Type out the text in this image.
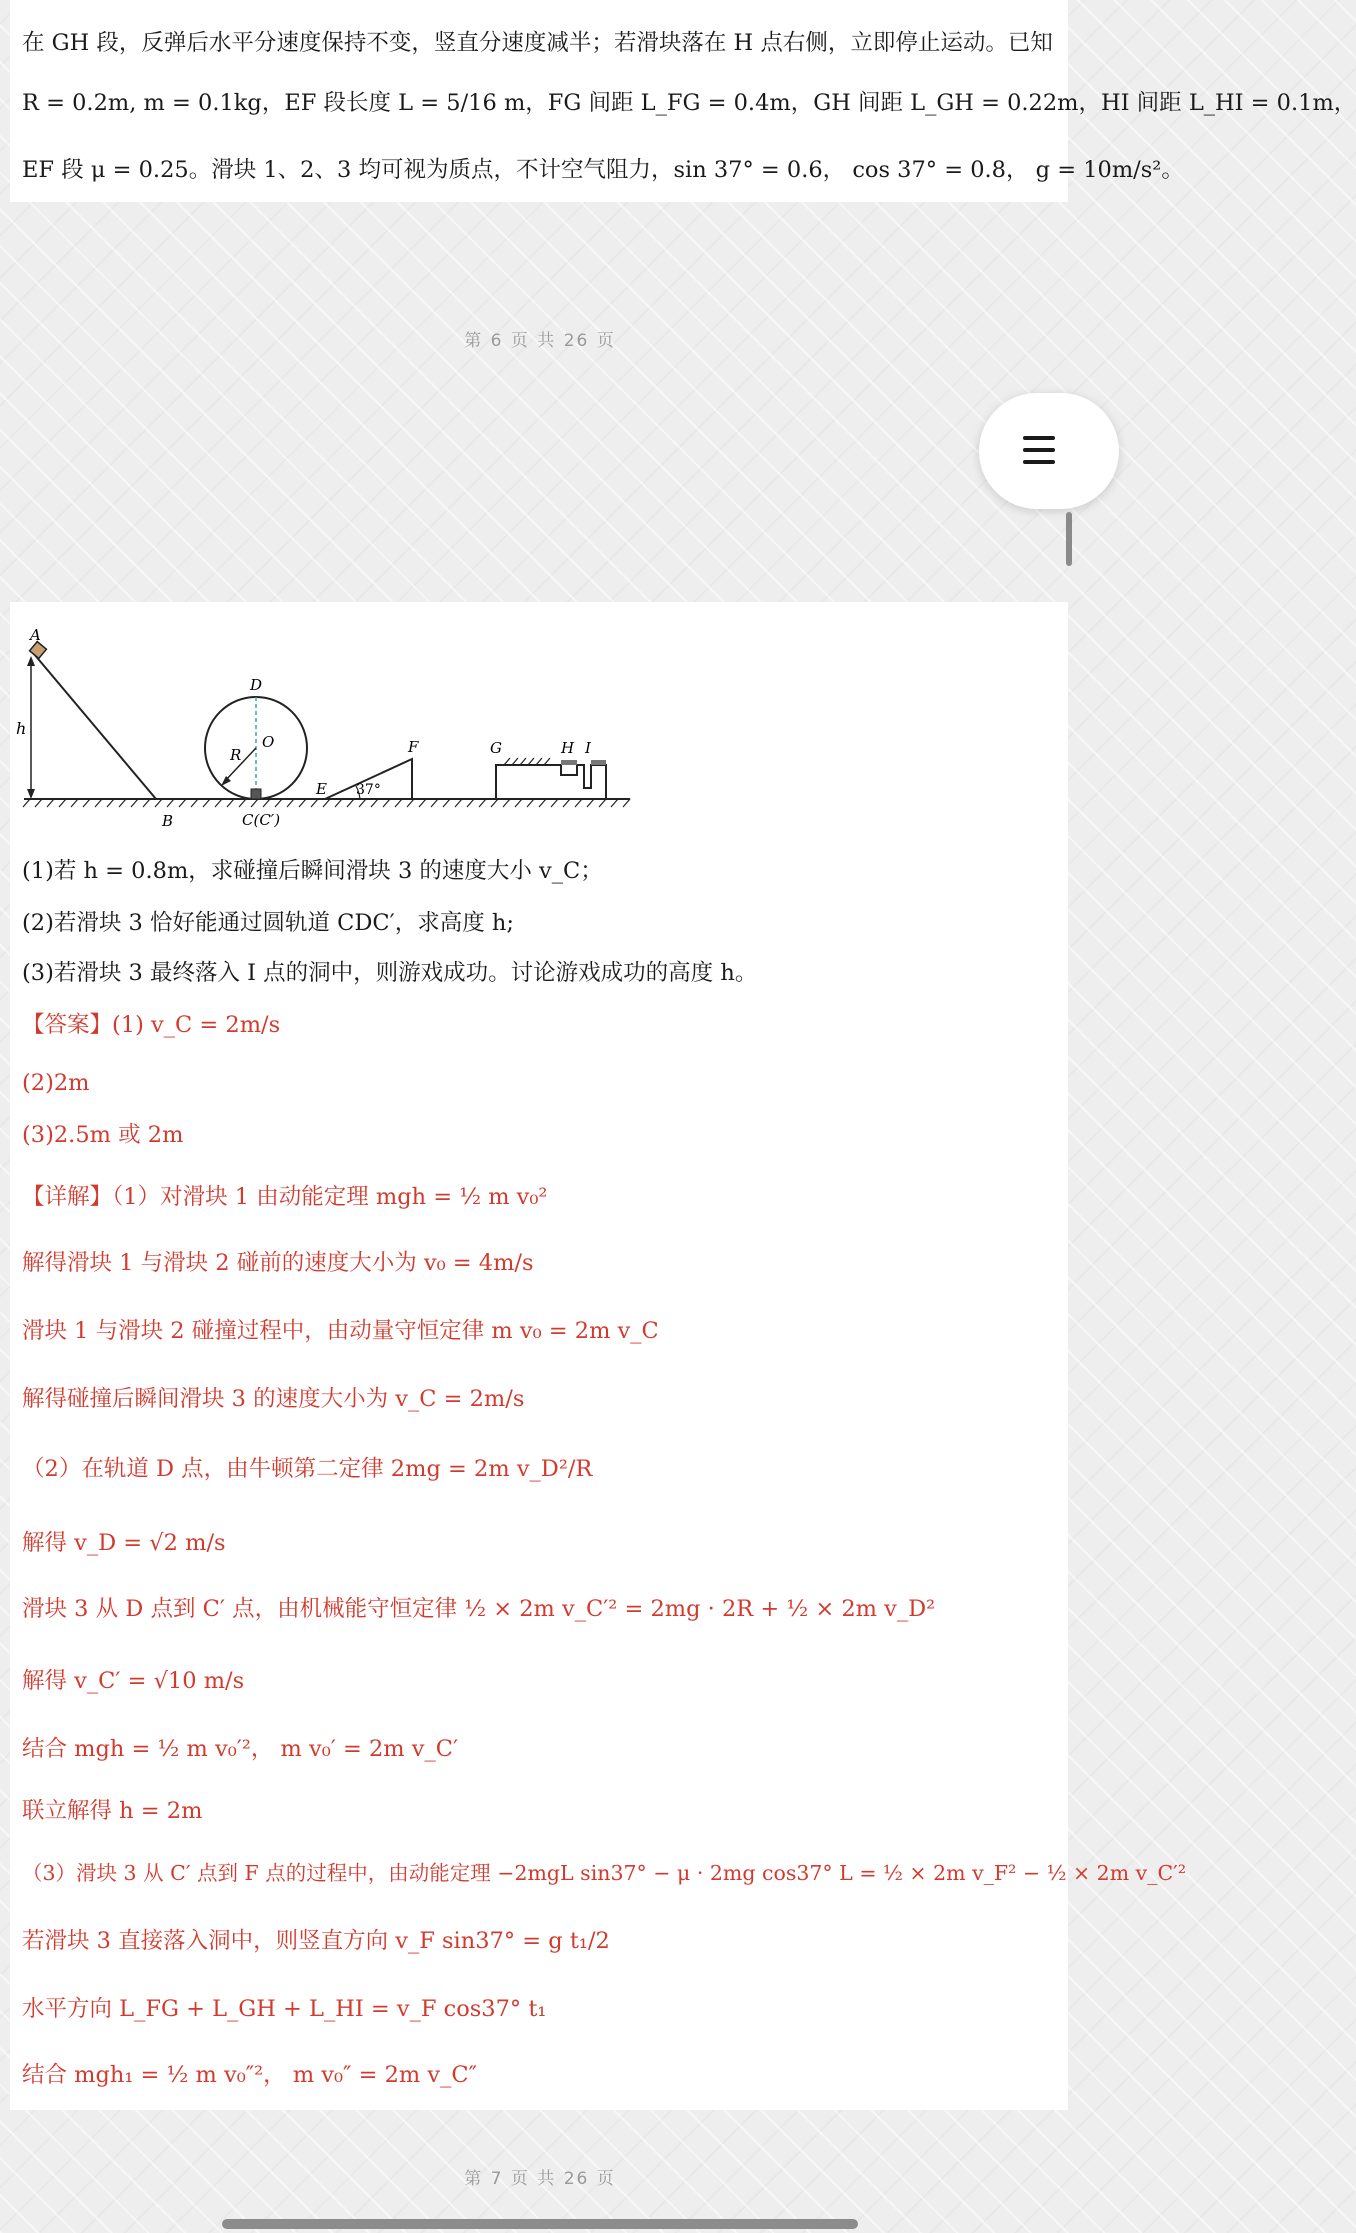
在 GH 段，反弹后水平分速度保持不变，竖直分速度减半；若滑块落在 H 点右侧，立即停止运动。已知
R = 0.2m, m = 0.1kg，EF 段长度 L = 5/16 m，FG 间距 L_FG = 0.4m，GH 间距 L_GH = 0.22m，HI 间距 L_HI = 0.1m，
EF 段 μ = 0.25。滑块 1、2、3 均可视为质点，不计空气阻力，sin 37° = 0.6， cos 37° = 0.8， g = 10m/s²。
第 6 页 共 26 页
A
h
B
D
O
R
C(C′)
E 37°
F	G	H I
(1)若 h = 0.8m，求碰撞后瞬间滑块 3 的速度大小 v_C；
(2)若滑块 3 恰好能通过圆轨道 CDC′，求高度 h;
(3)若滑块 3 最终落入 I 点的洞中，则游戏成功。讨论游戏成功的高度 h。
【答案】(1) v_C = 2m/s
(2)2m
(3)2.5m 或 2m
【详解】（1）对滑块 1 由动能定理 mgh = ½ m v₀²
解得滑块 1 与滑块 2 碰前的速度大小为 v₀ = 4m/s
滑块 1 与滑块 2 碰撞过程中，由动量守恒定律 m v₀ = 2m v_C
解得碰撞后瞬间滑块 3 的速度大小为 v_C = 2m/s
（2）在轨道 D 点，由牛顿第二定律 2mg = 2m v_D²/R
解得 v_D = √2 m/s
滑块 3 从 D 点到 C′ 点，由机械能守恒定律 ½ × 2m v_C′² = 2mg · 2R + ½ × 2m v_D²
解得 v_C′ = √10 m/s
结合 mgh = ½ m v₀′²， m v₀′ = 2m v_C′
联立解得 h = 2m
（3）滑块 3 从 C′ 点到 F 点的过程中，由动能定理 −2mgL sin37° − μ · 2mg cos37° L = ½ × 2m v_F² − ½ × 2m v_C′²
若滑块 3 直接落入洞中，则竖直方向 v_F sin37° = g t₁/2
水平方向 L_FG + L_GH + L_HI = v_F cos37° t₁
结合 mgh₁ = ½ m v₀″²， m v₀″ = 2m v_C″
第 7 页 共 26 页
